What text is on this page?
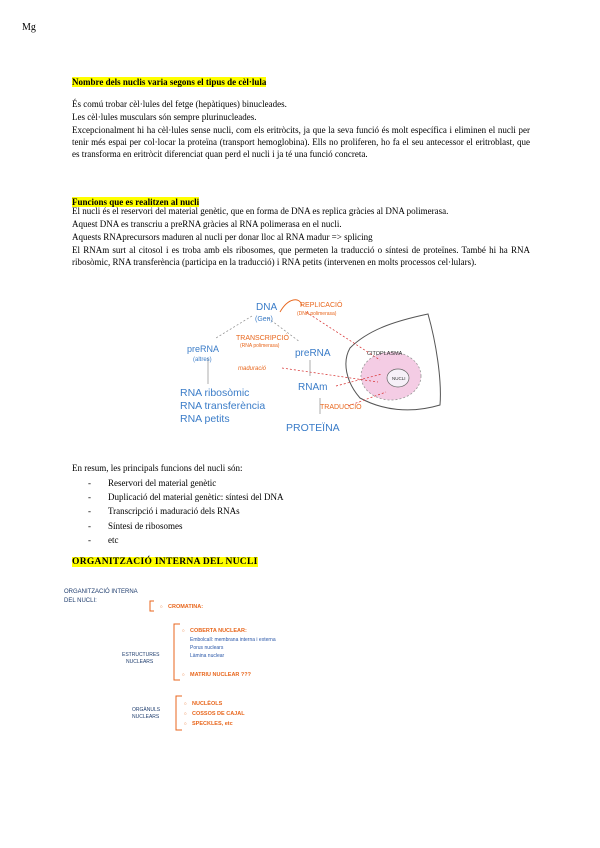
Mg
Nombre dels nuclis varia segons el tipus de cèl·lula
És comú trobar cèl·lules del fetge (hepàtiques) binucleades.
Les cèl·lules musculars són sempre plurinucleades.
Excepcionalment hi ha cèl·lules sense nucli, com els eritròcits, ja que la seva funció és molt específica i eliminen el nucli per tenir més espai per col·locar la proteïna (transport hemoglobina). Ells no proliferen, ho fa el seu antecessor el eritroblast, que es transforma en eritròcit diferenciat quan perd el nucli i ja té una funció concreta.
Funcions que es realitzen al nucli
El nucli és el reservori del material genètic, que en forma de DNA es replica gràcies al DNA polimerasa.
Aquest DNA es transcriu a preRNA gràcies al RNA polimerasa en el nucli.
Aquests RNAprecursors maduren al nucli per donar lloc al RNA madur => splicing
El RNAm surt al citosol i es troba amb els ribosomes, que permeten la traducció o síntesi de proteïnes. També hi ha RNA ribosòmic, RNA transferència (participa en la traducció) i RNA petits (intervenen en molts processos cel·lulars).
CITOPLASMA
NUCLI
DNA
(Gen)
REPLICACIÓ
(DNA polimerasa)
TRANSCRIPCIÓ
(RNA polimerasa)
preRNA
(altres)
preRNA
maduració
RNA ribosòmic
RNA transferència
RNA petits
RNAm
TRADUCCIÓ
PROTEÏNA
En resum, les principals funcions del nucli són:
- Reservori del material genètic
- Duplicació del material genètic: síntesi del DNA
- Transcripció i maduració dels RNAs
- Síntesi de ribosomes
- etc
ORGANITZACIÓ INTERNA DEL NUCLI
ORGANITZACIÓ INTERNA
DEL NUCLI:
○ CROMATINA:
ESTRUCTURES
NUCLEARS
○ COBERTA NUCLEAR:
Embolcall: membrana interna i externa
Porus nuclears
Làmina nuclear
○ MATRIU NUCLEAR ???
ORGÀNULS
NUCLEARS
○ NUCLÈOLS
○ COSSOS DE CAJAL
○ SPECKLES, etc
